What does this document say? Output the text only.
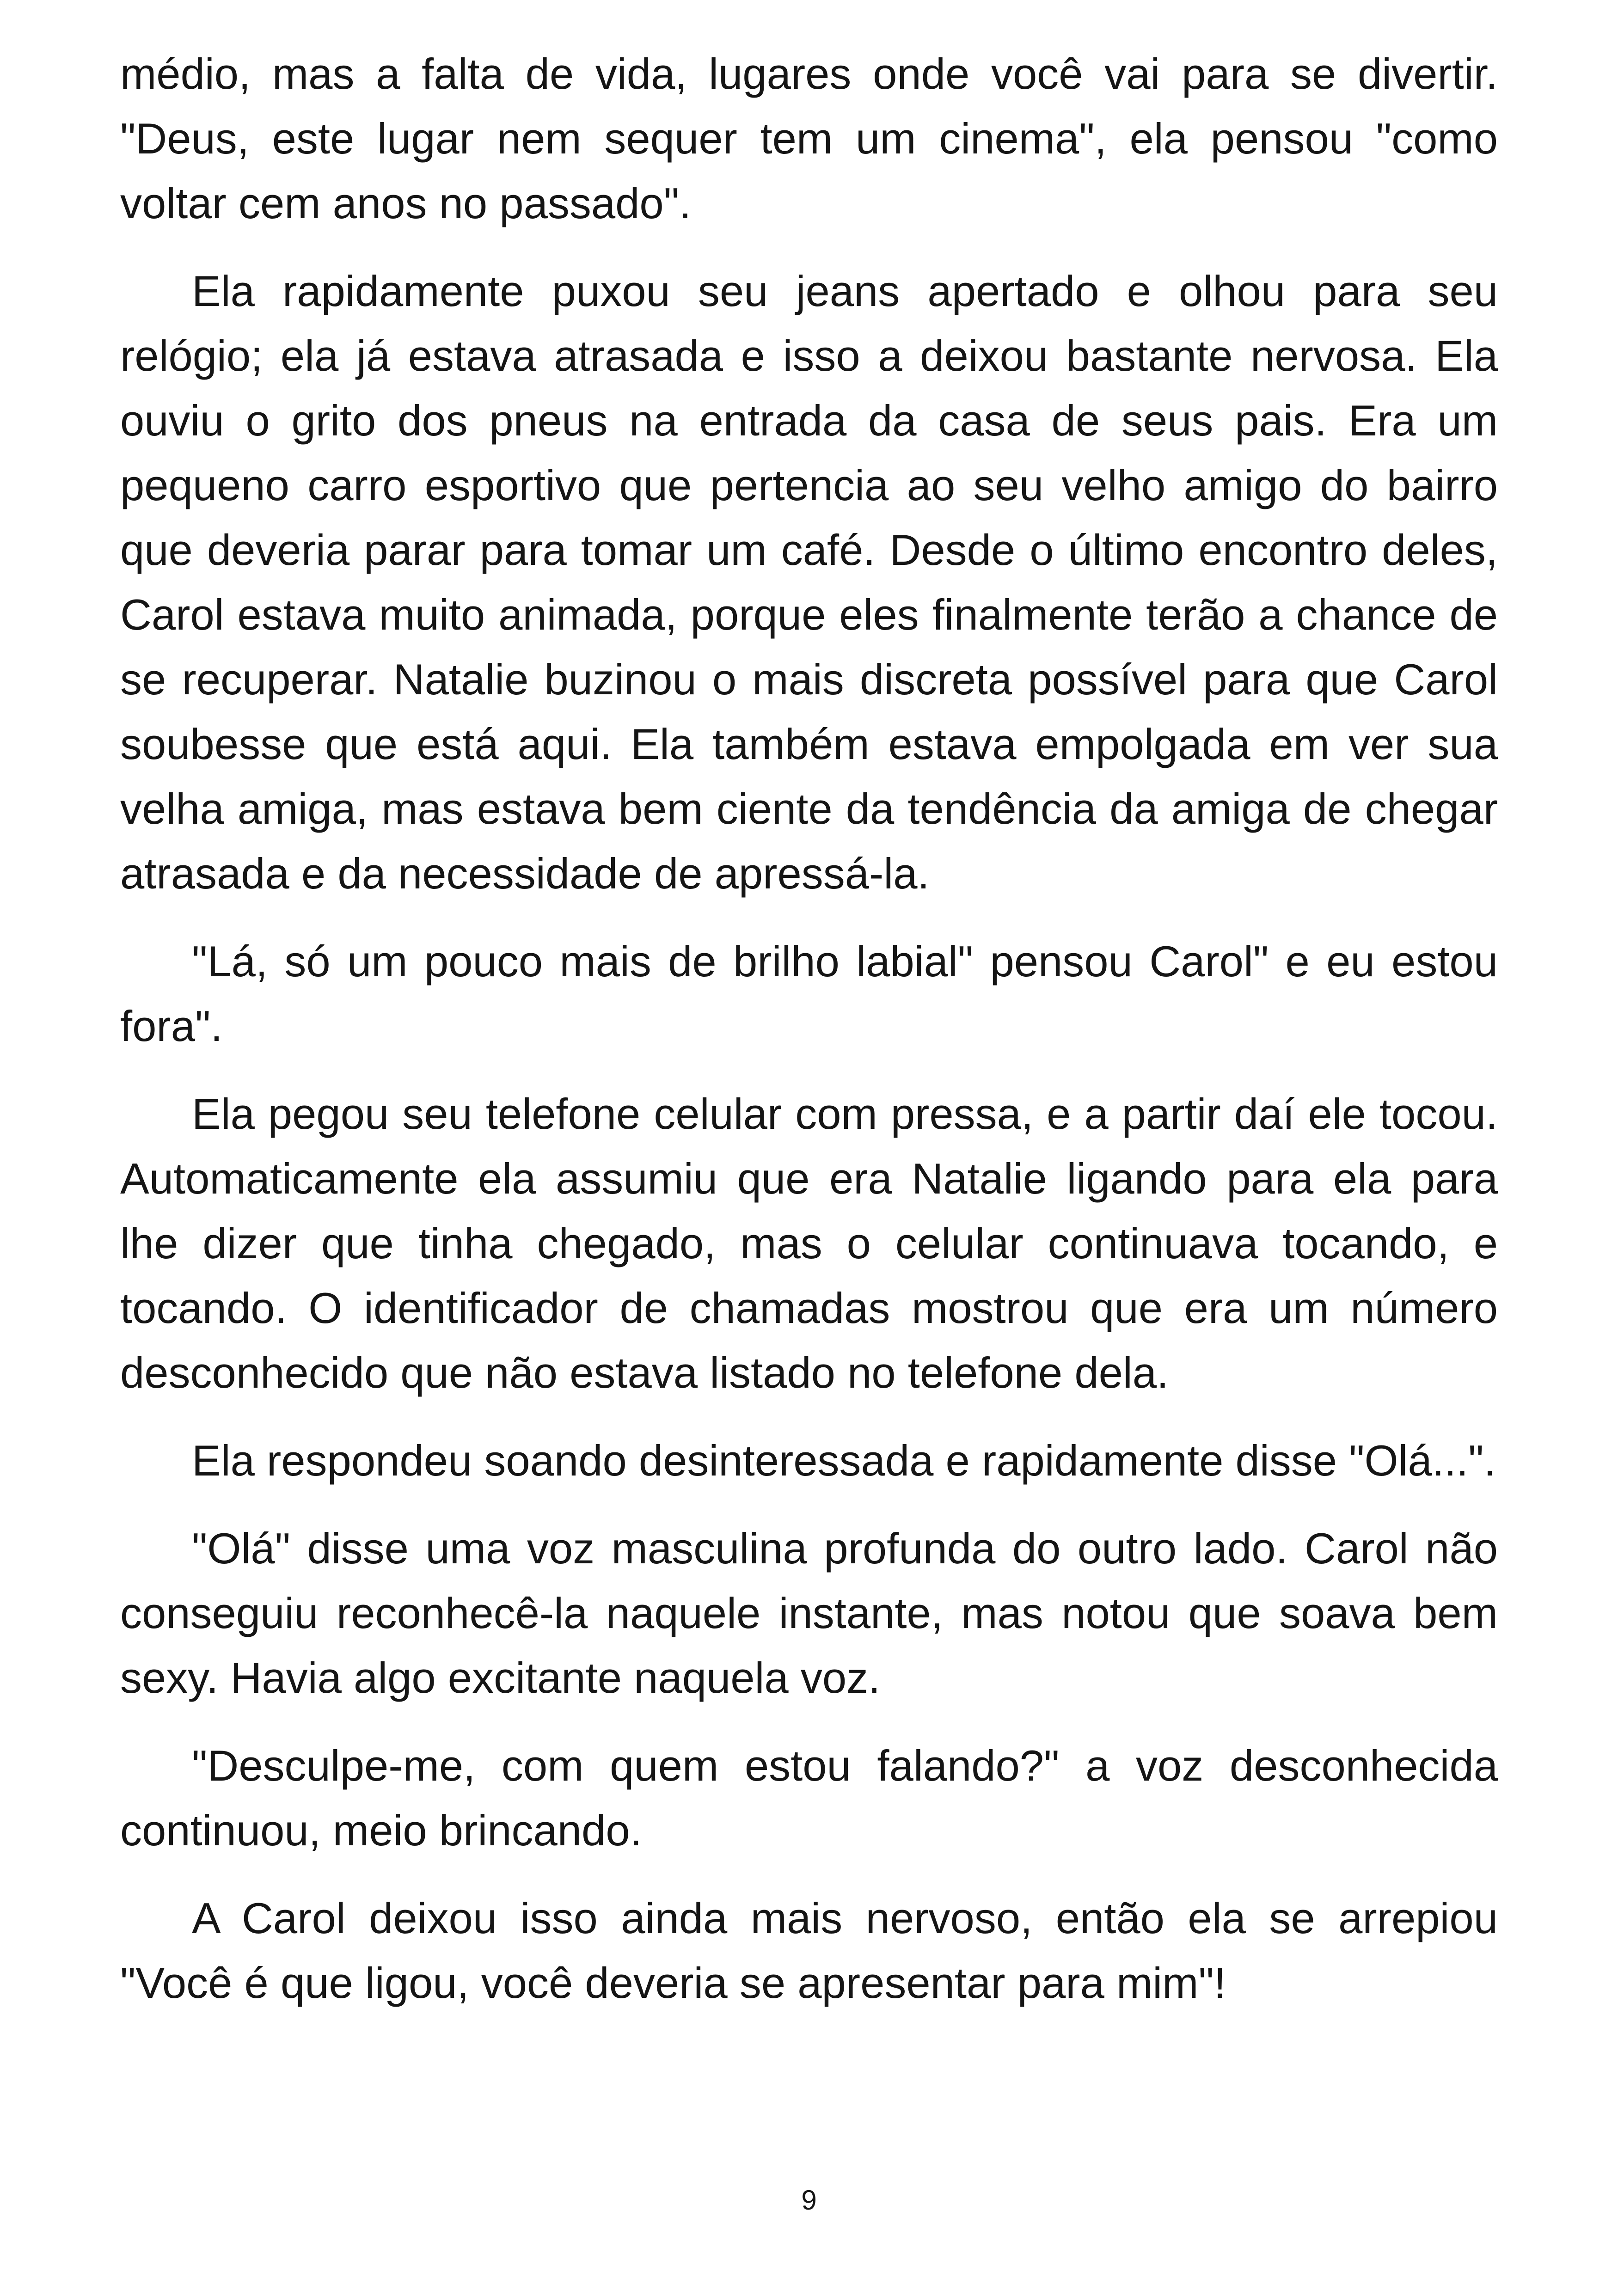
médio, mas a falta de vida, lugares onde você vai para se divertir. "Deus, este lugar nem sequer tem um cinema", ela pensou "como voltar cem anos no passado".

Ela rapidamente puxou seu jeans apertado e olhou para seu relógio; ela já estava atrasada e isso a deixou bastante nervosa. Ela ouviu o grito dos pneus na entrada da casa de seus pais. Era um pequeno carro esportivo que pertencia ao seu velho amigo do bairro que deveria parar para tomar um café. Desde o último encontro deles, Carol estava muito animada, porque eles finalmente terão a chance de se recuperar. Natalie buzinou o mais discreta possível para que Carol soubesse que está aqui. Ela também estava empolgada em ver sua velha amiga, mas estava bem ciente da tendência da amiga de chegar atrasada e da necessidade de apressá-la.

"Lá, só um pouco mais de brilho labial" pensou Carol" e eu estou fora".

Ela pegou seu telefone celular com pressa, e a partir daí ele tocou. Automaticamente ela assumiu que era Natalie ligando para ela para lhe dizer que tinha chegado, mas o celular continuava tocando, e tocando. O identificador de chamadas mostrou que era um número desconhecido que não estava listado no telefone dela.

Ela respondeu soando desinteressada e rapidamente disse "Olá...".

"Olá" disse uma voz masculina profunda do outro lado. Carol não conseguiu reconhecê-la naquele instante, mas notou que soava bem sexy. Havia algo excitante naquela voz.

"Desculpe-me, com quem estou falando?" a voz desconhecida continuou, meio brincando.

A Carol deixou isso ainda mais nervoso, então ela se arrepiou "Você é que ligou, você deveria se apresentar para mim"!

9
